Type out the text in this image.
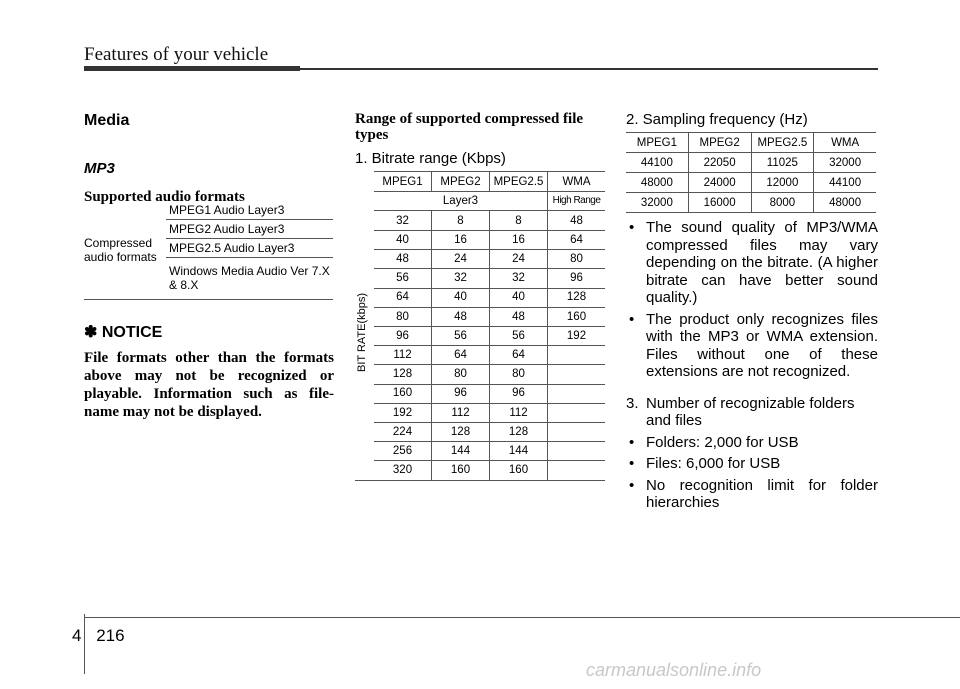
Features of your vehicle
Media
MP3
Supported audio formats
Compressed
audio formats
MPEG1 Audio Layer3
MPEG2 Audio Layer3
MPEG2.5 Audio Layer3
Windows Media Audio Ver 7.X
& 8.X
✽ NOTICE
File formats other than the formats above may not be recognized or playable. Information such as file-name may not be displayed.
Range of supported compressed file types
1. Bitrate range (Kbps)
MPEG1	MPEG2	MPEG2.5	WMA
Layer3	High Range
32	8	8	48
40	16	16	64
48	24	24	80
56	32	32	96
64	40	40	128
80	48	48	160
96	56	56	192
112	64	64
128	80	80
160	96	96
192	112	112
224	128	128
256	144	144
320	160	160
BIT RATE(kbps)
2. Sampling frequency (Hz)
MPEG1	MPEG2	MPEG2.5	WMA
44100	22050	11025	32000
48000	24000	12000	44100
32000	16000	8000	48000

• The sound quality of MP3/WMA compressed files may vary depending on the bitrate. (A higher bitrate can have better sound quality.)

• The product only recognizes files with the MP3 or WMA extension. Files without one of these extensions are not recognized.

3. Number of recognizable folders and files

• Folders: 2,000 for USB

• Files: 6,000 for USB

• No recognition limit for folder hierarchies

4 216
carmanualsonline.info
